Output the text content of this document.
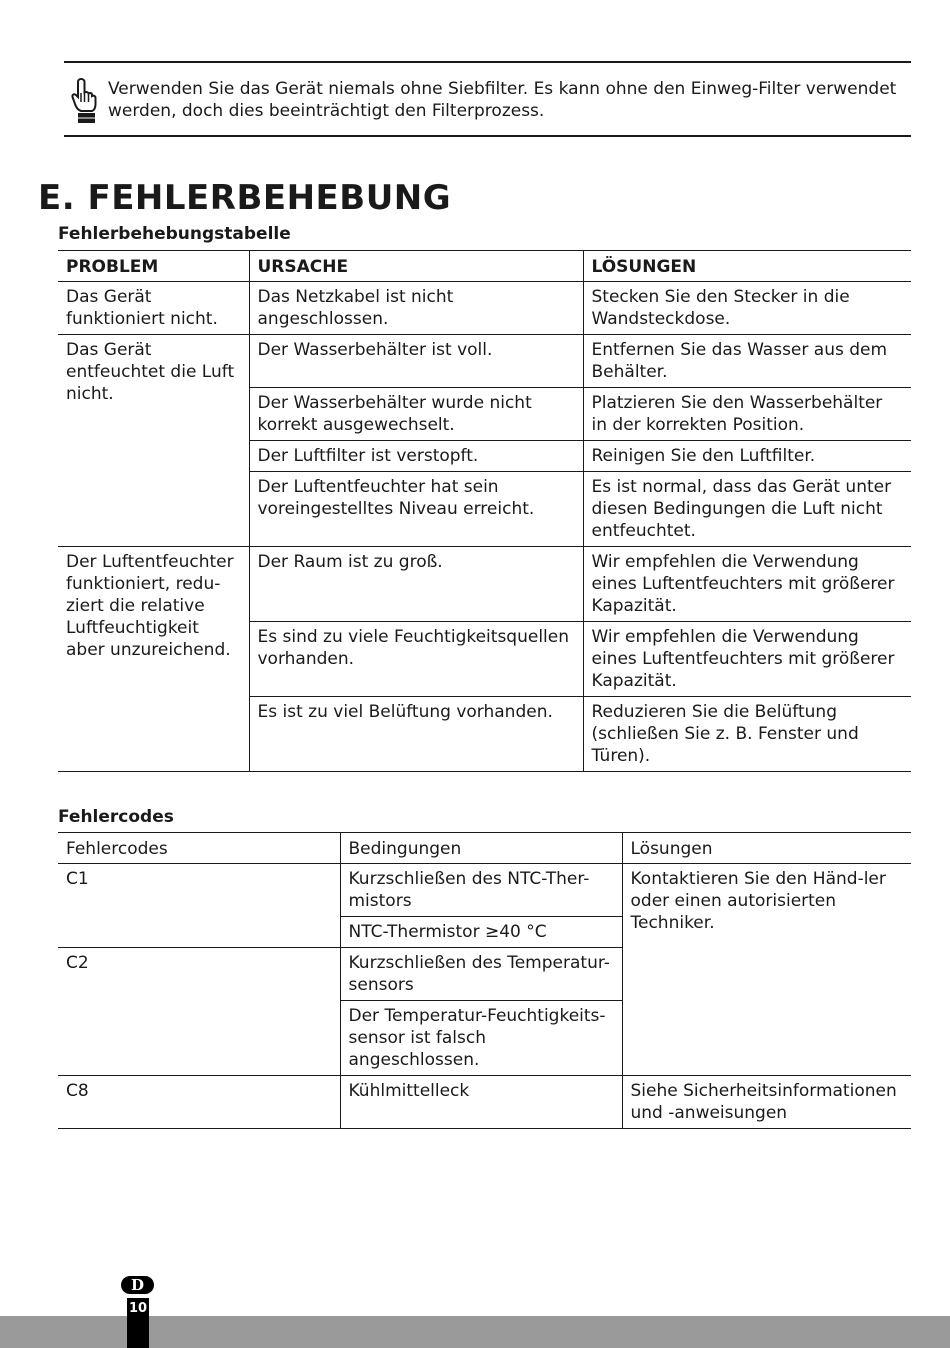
Verwenden Sie das Gerät niemals ohne Siebfilter. Es kann ohne den Einweg-Filter verwendet werden, doch dies beeinträchtigt den Filterprozess.
E. FEHLERBEHEBUNG
Fehlerbehebungstabelle
PROBLEM	URSACHE	LÖSUNGEN
Das Gerät funktioniert nicht.	Das Netzkabel ist nicht angeschlossen.	Stecken Sie den Stecker in die Wandsteckdose.
Das Gerät entfeuchtet die Luft nicht.	Der Wasserbehälter ist voll.	Entfernen Sie das Wasser aus dem Behälter.
	Der Wasserbehälter wurde nicht korrekt ausgewechselt.	Platzieren Sie den Wasserbehälter in der korrekten Position.
	Der Luftfilter ist verstopft.	Reinigen Sie den Luftfilter.
	Der Luftentfeuchter hat sein voreingestelltes Niveau erreicht.	Es ist normal, dass das Gerät unter diesen Bedingungen die Luft nicht entfeuchtet.
Der Luftentfeuchter funktioniert, redu-ziert die relative Luftfeuchtigkeit aber unzureichend.	Der Raum ist zu groß.	Wir empfehlen die Verwendung eines Luftentfeuchters mit größerer Kapazität.
	Es sind zu viele Feuchtigkeitsquellen vorhanden.	Wir empfehlen die Verwendung eines Luftentfeuchters mit größerer Kapazität.
	Es ist zu viel Belüftung vorhanden.	Reduzieren Sie die Belüftung (schließen Sie z. B. Fenster und Türen).
Fehlercodes
Fehlercodes	Bedingungen	Lösungen
C1	Kurzschließen des NTC-Ther-mistors	Kontaktieren Sie den Händ-ler oder einen autorisierten Techniker.
	NTC-Thermistor ≥40 °C	
C2	Kurzschließen des Temperatur-sensors	
	Der Temperatur-Feuchtigkeits-sensor ist falsch angeschlossen.	
C8	Kühlmittelleck	Siehe Sicherheitsinformationen und -anweisungen
D
10
